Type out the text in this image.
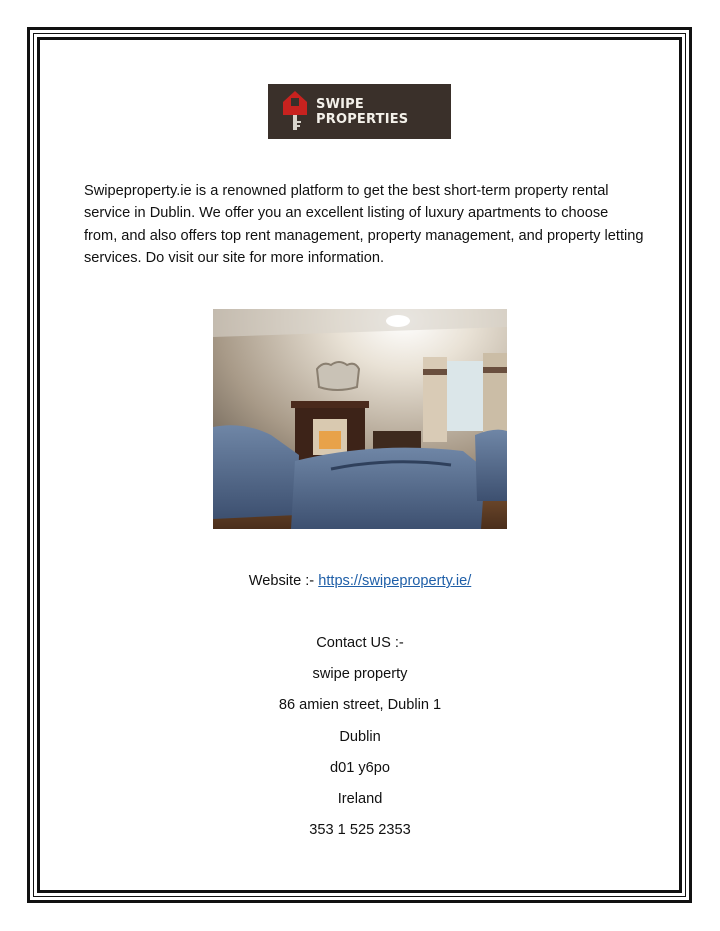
SWIPE PROPERTIES

Swipeproperty.ie is a renowned platform to get the best short-term property rental service in Dublin. We offer you an excellent listing of luxury apartments to choose from, and also offers top rent management, property management, and property letting services. Do visit our site for more information.

Website :- https://swipeproperty.ie/
Contact US :-
swipe property
86 amien street, Dublin 1
Dublin
d01 y6po
Ireland
353 1 525 2353
